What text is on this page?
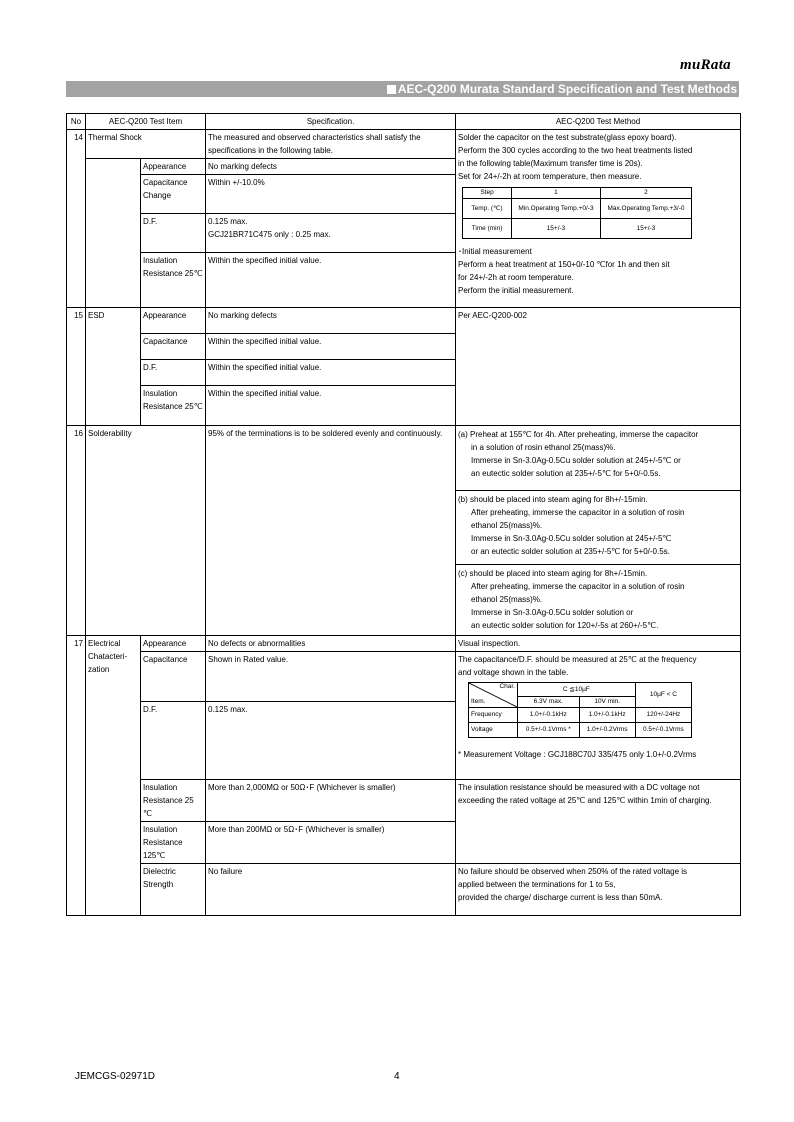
muRata
AEC-Q200 Murata Standard Specification and Test Methods
No	AEC-Q200 Test Item	Specification.	AEC-Q200 Test Method
14	Thermal Shock	The measured and observed characteristics shall satisfy the specifications in the following table.	
Solder the capacitor on the test substrate(glass epoxy board).
Perform the 300 cycles according to the two heat treatments listed
in the following table(Maximum transfer time is 20s).
Set for 24+/-2h at room temperature, then measure.
Step	1	2
Temp. (℃)	Min.Operating Temp.+0/-3	Max.Operating Temp.+3/-0
Time (min)	15+/-3	15+/-3
･Initial measurement
Perform a heat treatment at 150+0/-10 ℃for 1h and then sit
for 24+/-2h at room temperature.
Perform the initial measurement.

	Appearance	No marking defects
Capacitance Change	Within +/-10.0%
D.F.	0.125 max.
GCJ21BR71C475 only : 0.25 max.

Insulation Resistance 25℃	Within the specified initial value.
15	ESD	Appearance	No marking defects	Per AEC-Q200-002
Capacitance	Within the specified initial value.
D.F.	Within the specified initial value.
Insulation Resistance 25℃	Within the specified initial value.
16	Solderability	95% of the terminations is to be soldered evenly and continuously.	(a) Preheat at 155℃ for 4h. After preheating, immerse the capacitor
in a solution of rosin ethanol 25(mass)%.
Immerse in Sn-3.0Ag-0.5Cu solder solution at 245+/-5℃ or
an eutectic solder solution at 235+/-5℃ for 5+0/-0.5s.
(b) should be placed into steam aging for 8h+/-15min.
After preheating, immerse the capacitor in a solution of rosin
ethanol 25(mass)%.
Immerse in Sn-3.0Ag-0.5Cu solder solution at 245+/-5℃
or an eutectic solder solution at 235+/-5℃ for 5+0/-0.5s.
(c) should be placed into steam aging for 8h+/-15min.
After preheating, immerse the capacitor in a solution of rosin
ethanol 25(mass)%.
Immerse in Sn-3.0Ag-0.5Cu solder solution or
an eutectic solder solution for 120+/-5s at 260+/-5℃.

17	Electrical Chatacteri-zation	Appearance	No defects or abnormalities	Visual inspection.
Capacitance	Shown in Rated value.	The capacitance/D.F. should be measured at 25℃ at the frequency
and voltage shown in the table.
Char.
Item.
	C ≦10μF	10μF < C
6.3V max.	10V min.
Frequency	1.0+/-0.1kHz	1.0+/-0.1kHz	120+/-24Hz
Voltage	0.5+/-0.1Vrms *	1.0+/-0.2Vrms	0.5+/-0.1Vrms
* Measurement Voltage : GCJ188C70J 335/475 only 1.0+/-0.2Vrms

D.F.	0.125 max.
Insulation Resistance 25 ℃	More than 2,000MΩ or 50Ω･F (Whichever is smaller)	The insulation resistance should be measured with a DC voltage not
exceeding the rated voltage at 25℃ and 125℃ within 1min of charging.

Insulation Resistance 125℃	More than 200MΩ or 5Ω･F (Whichever is smaller)
Dielectric Strength	No failure	No failure should be observed when 250% of the rated voltage is
applied between the terminations for 1 to 5s,
provided the charge/ discharge current is less than 50mA.
JEMCGS-02971D	4
